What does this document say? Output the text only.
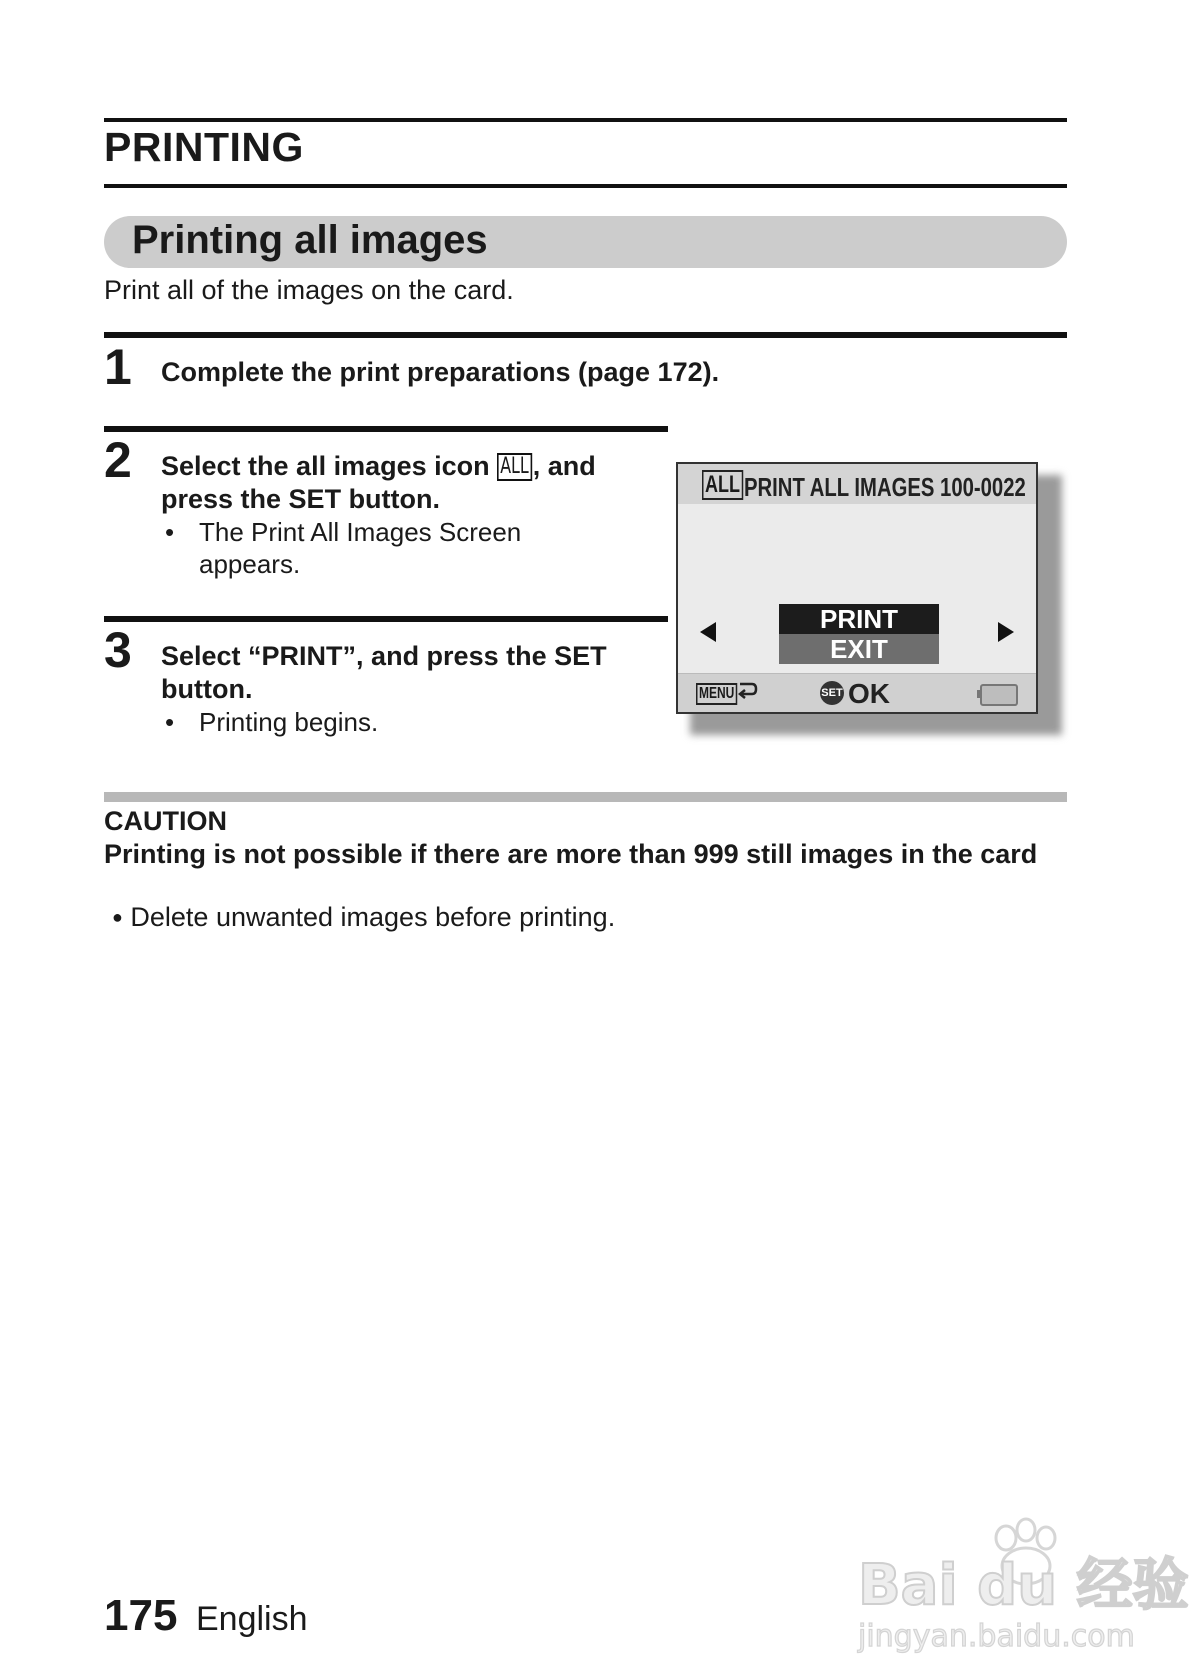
PRINTING
Printing all images
Print all of the images on the card.
1 Complete the print preparations (page 172).
2 Select the all images icon ALL , and
press the SET button.
• The Print All Images Screen
appears.
3 Select “PRINT”, and press the SET
button.
• Printing begins.
ALL PRINT ALL IMAGES 100-0022
PRINT
EXIT
MENU	SET OK
CAUTION
Printing is not possible if there are more than 999 still images in the card
● Delete unwanted images before printing.
175 English
Bai du 经验
jingyan.baidu.com
